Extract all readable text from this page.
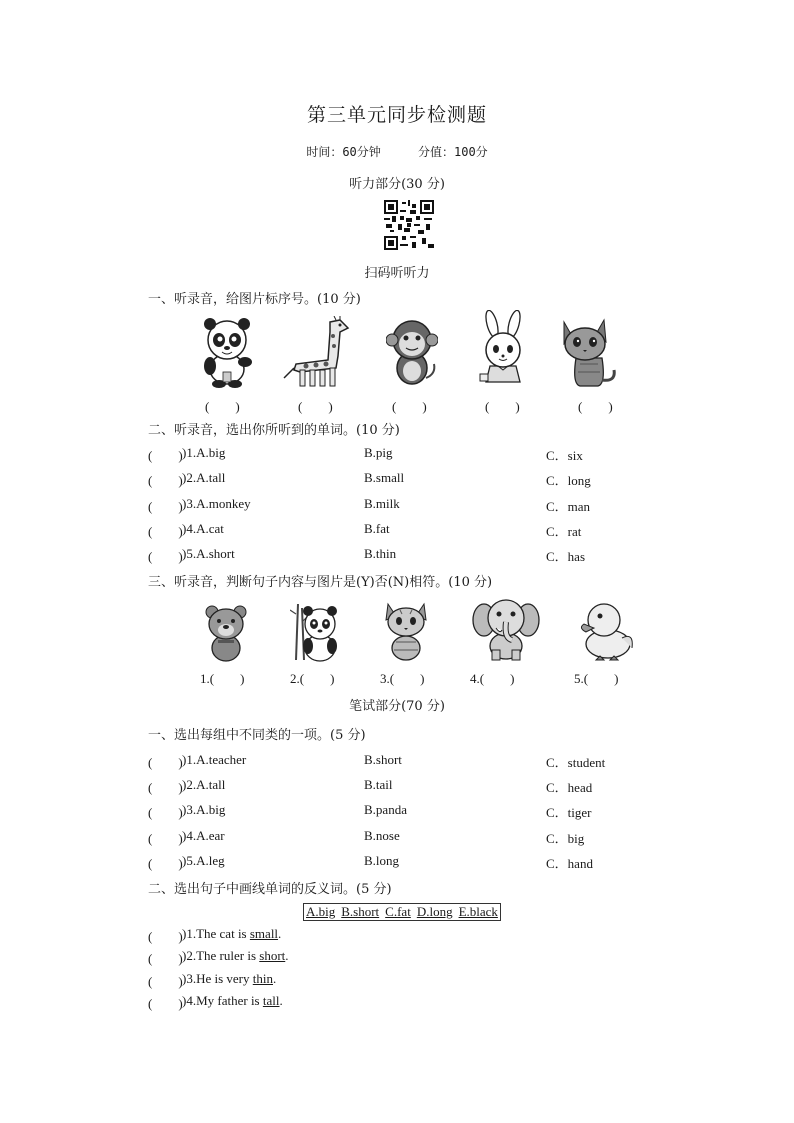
第三单元同步检测题
时间：60分钟	分值：100分
听力部分(30 分)
扫码听听力
一、听录音，给图片标序号。(10 分)
(　　)	(　　)	(　　)	(　　)	(　　)
二、听录音，选出你所听到的单词。(10 分)
(　　) )1.A.big	B.pig	C．six
(　　) )2.A.tall	B.small	C．long
(　　) )3.A.monkey	B.milk	C．man
(　　) )4.A.cat	B.fat	C．rat
(　　) )5.A.short	B.thin	C．has
三、听录音，判断句子内容与图片是(Y)否(N)相符。(10 分)
1.(　　)	2.(　　)	3.(　　)	4.(　　)	5.(　　)
笔试部分(70 分)
一、选出每组中不同类的一项。(5 分)
(　　) )1.A.teacher	B.short	C．student
(　　) )2.A.tall	B.tail	C．head
(　　) )3.A.big	B.panda	C．tiger
(　　) )4.A.ear	B.nose	C．big
(　　) )5.A.leg	B.long	C．hand
二、选出句子中画线单词的反义词。(5 分)
A.big B.short C.fat D.long E.black
(　　) )1.The cat is small.
(　　) )2.The ruler is short.
(　　) )3.He is very thin.
(　　) )4.My father is tall.
